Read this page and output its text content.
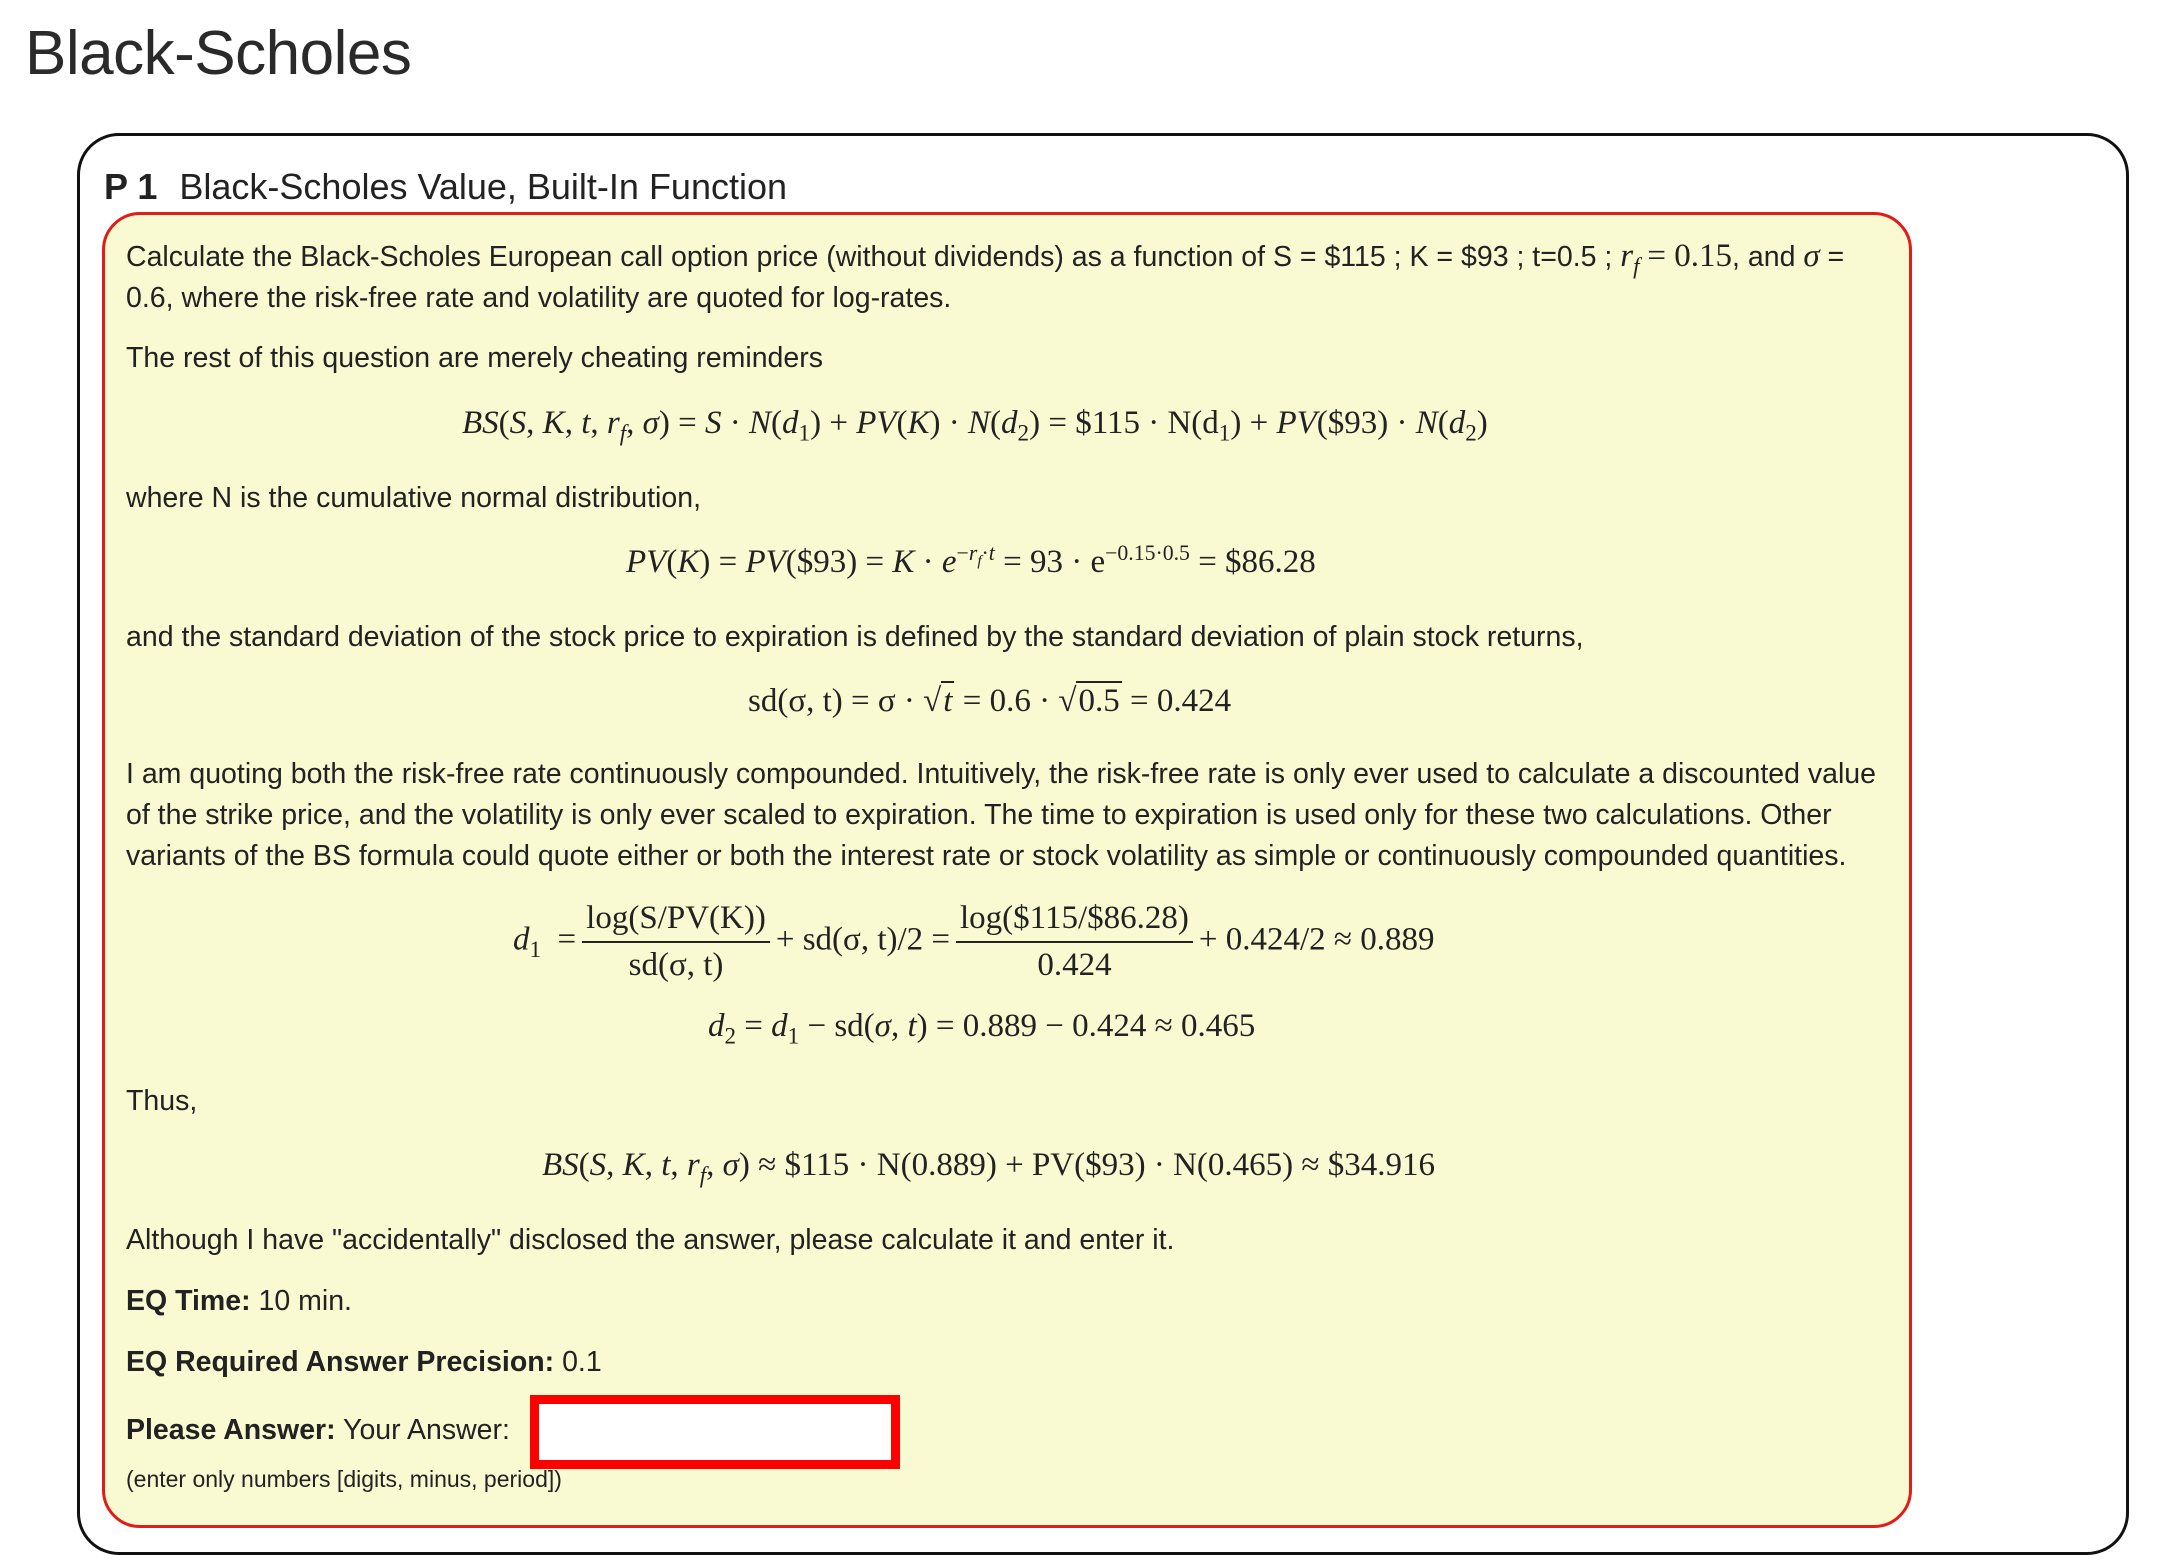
Black-Scholes
P 1 Black-Scholes Value, Built-In Function
Calculate the Black-Scholes European call option price (without dividends) as a function of S = $115 ; K = $93 ; t=0.5 ; $r_f = 0.15$, and σ =
0.6, where the risk-free rate and volatility are quoted for log-rates.
The rest of this question are merely cheating reminders
BS(S, K, t, $r_f$, $\sigma) = S \cdot N(d_1) + PV(K) \cdot N(d_2)$ = $115 · $N(d_1)$ + PV($93) · $N(d_2)$
where N is the cumulative normal distribution,
PV(K) = PV($93) = $K \cdot e^{-r_f\cdot t} = 93 \cdot e^{-0.15\cdot 0.5}$ = $86.28
and the standard deviation of the stock price to expiration is defined by the standard deviation of plain stock returns,
sd(σ, t) = σ · √t = 0.6 · √0.5 = 0.424
I am quoting both the risk-free rate continuously compounded. Intuitively, the risk-free rate is only ever used to calculate a discounted value
of the strike price, and the volatility is only ever scaled to expiration. The time to expiration is used only for these two calculations. Other
variants of the BS formula could quote either or both the interest rate or stock volatility as simple or continuously compounded quantities.
$d_1 = \frac{\log(S/PV(K))}{sd(\sigma, t)} + sd(\sigma$, $t)/2 = \frac{\log(\$115/\$86.28)}{0.424} + 0.424/2 \approx 0.889$
$d_2 = d_1 - sd(\sigma$, t) = 0.889 − 0.424 ≈ 0.465
Thus,
BS(S, K, t, $r_f$, σ) ≈ $115 · N(0.889) + PV($93) · N(0.465) ≈ $34.916
Although I have "accidentally" disclosed the answer, please calculate it and enter it.
EQ Time: 10 min.
EQ Required Answer Precision: 0.1
Please Answer: Your Answer:
(enter only numbers [digits, minus, period])
